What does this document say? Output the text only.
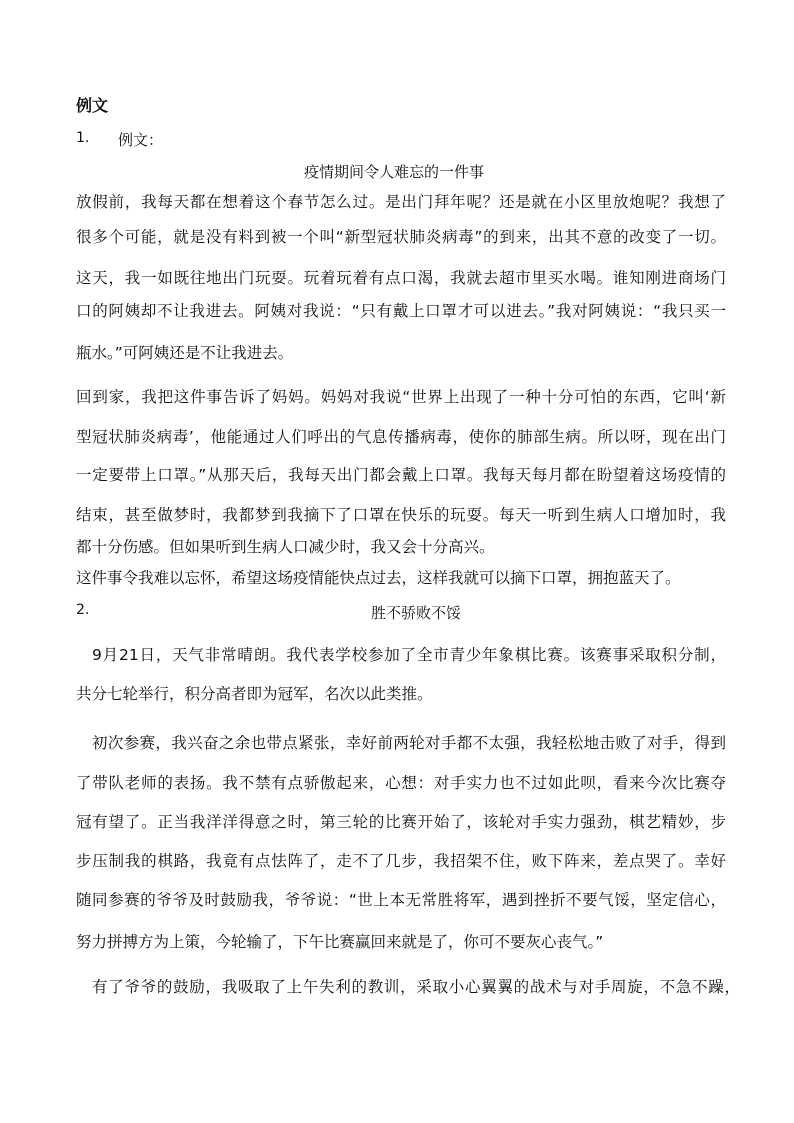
例文
1. 例文：
疫情期间令人难忘的一件事
放假前，我每天都在想着这个春节怎么过。是出门拜年呢？还是就在小区里放炮呢？我想了
很多个可能，就是没有料到被一个叫“新型冠状肺炎病毒”的到来，出其不意的改变了一切。
这天，我一如既往地出门玩耍。玩着玩着有点口渴，我就去超市里买水喝。谁知刚进商场门
口的阿姨却不让我进去。阿姨对我说：“只有戴上口罩才可以进去。”我对阿姨说：“我只买一
瓶水。”可阿姨还是不让我进去。
回到家，我把这件事告诉了妈妈。妈妈对我说“世界上出现了一种十分可怕的东西，它叫‘新
型冠状肺炎病毒’，他能通过人们呼出的气息传播病毒，使你的肺部生病。所以呀，现在出门
一定要带上口罩。”从那天后，我每天出门都会戴上口罩。我每天每月都在盼望着这场疫情的
结束，甚至做梦时，我都梦到我摘下了口罩在快乐的玩耍。每天一听到生病人口增加时，我
都十分伤感。但如果听到生病人口减少时，我又会十分高兴。
这件事令我难以忘怀，希望这场疫情能快点过去，这样我就可以摘下口罩，拥抱蓝天了。
2.	胜不骄败不馁
9月21日，天气非常晴朗。我代表学校参加了全市青少年象棋比赛。该赛事采取积分制，
共分七轮举行，积分高者即为冠军，名次以此类推。
初次参赛，我兴奋之余也带点紧张，幸好前两轮对手都不太强，我轻松地击败了对手，得到
了带队老师的表扬。我不禁有点骄傲起来，心想：对手实力也不过如此呗，看来今次比赛夺
冠有望了。正当我洋洋得意之时，第三轮的比赛开始了，该轮对手实力强劲，棋艺精妙，步
步压制我的棋路，我竟有点怯阵了，走不了几步，我招架不住，败下阵来，差点哭了。幸好
随同参赛的爷爷及时鼓励我，爷爷说：“世上本无常胜将军，遇到挫折不要气馁，坚定信心，
努力拼搏方为上策，今轮输了，下午比赛赢回来就是了，你可不要灰心丧气。”
有了爷爷的鼓励，我吸取了上午失利的教训，采取小心翼翼的战术与对手周旋，不急不躁，
